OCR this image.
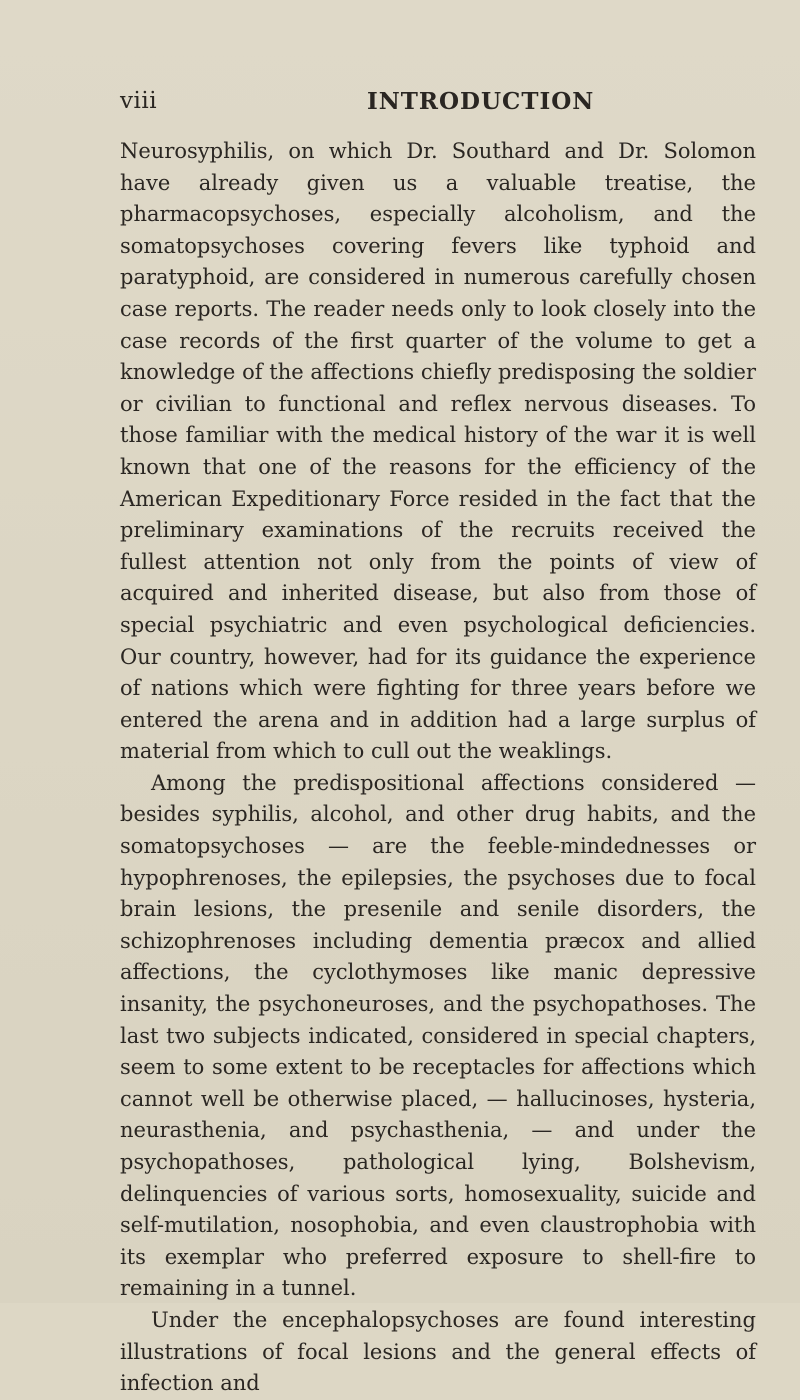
viii	INTRODUCTION

Neurosyphilis, on which Dr. Southard and Dr. Solomon have already given us a valuable treatise, the pharmacopsychoses, especially alcoholism, and the somatopsychoses covering fevers like typhoid and paratyphoid, are considered in numerous carefully chosen case reports. The reader needs only to look closely into the case records of the first quarter of the volume to get a knowledge of the affections chiefly predisposing the soldier or civilian to functional and reflex nervous diseases. To those familiar with the medical history of the war it is well known that one of the reasons for the efficiency of the American Expeditionary Force resided in the fact that the preliminary examinations of the recruits received the fullest attention not only from the points of view of acquired and inherited disease, but also from those of special psychiatric and even psychological deficiencies. Our country, however, had for its guidance the experience of nations which were fighting for three years before we entered the arena and in addition had a large surplus of material from which to cull out the weaklings.

Among the predispositional affections considered — besides syphilis, alcohol, and other drug habits, and the somatopsychoses — are the feeble-mindednesses or hypophrenoses, the epilepsies, the psychoses due to focal brain lesions, the presenile and senile disorders, the schizophrenoses including dementia præcox and allied affections, the cyclothymoses like manic depressive insanity, the psychoneuroses, and the psychopathoses. The last two subjects indicated, considered in special chapters, seem to some extent to be receptacles for affections which cannot well be otherwise placed, — hallucinoses, hysteria, neurasthenia, and psychasthenia, — and under the psychopathoses, pathological lying, Bolshevism, delinquencies of various sorts, homosexuality, suicide and self-mutilation, nosophobia, and even claustrophobia with its exemplar who preferred exposure to shell-fire to remaining in a tunnel.

Under the encephalopsychoses are found interesting illustrations of focal lesions and the general effects of infection and
